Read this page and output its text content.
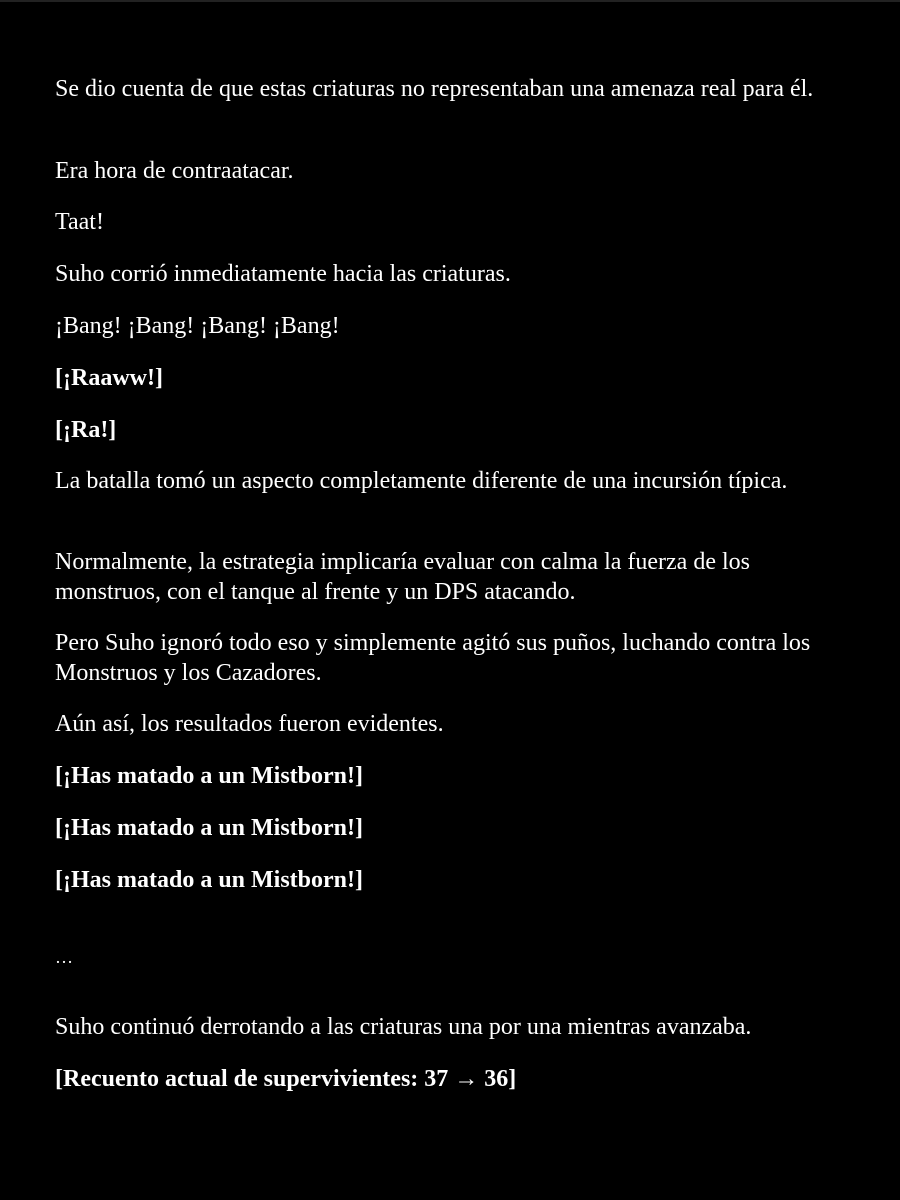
Se dio cuenta de que estas criaturas no representaban una amenaza real para él.

Era hora de contraatacar.

Taat!

Suho corrió inmediatamente hacia las criaturas.

¡Bang! ¡Bang! ¡Bang! ¡Bang!

[¡Raaww!]

[¡Ra!]

La batalla tomó un aspecto completamente diferente de una incursión típica.

Normalmente, la estrategia implicaría evaluar con calma la fuerza de los monstruos, con el tanque al frente y un DPS atacando.

Pero Suho ignoró todo eso y simplemente agitó sus puños, luchando contra los Monstruos y los Cazadores.

Aún así, los resultados fueron evidentes.

[¡Has matado a un Mistborn!]

[¡Has matado a un Mistborn!]

[¡Has matado a un Mistborn!]

…

Suho continuó derrotando a las criaturas una por una mientras avanzaba.

[Recuento actual de supervivientes: 37 → 36]
